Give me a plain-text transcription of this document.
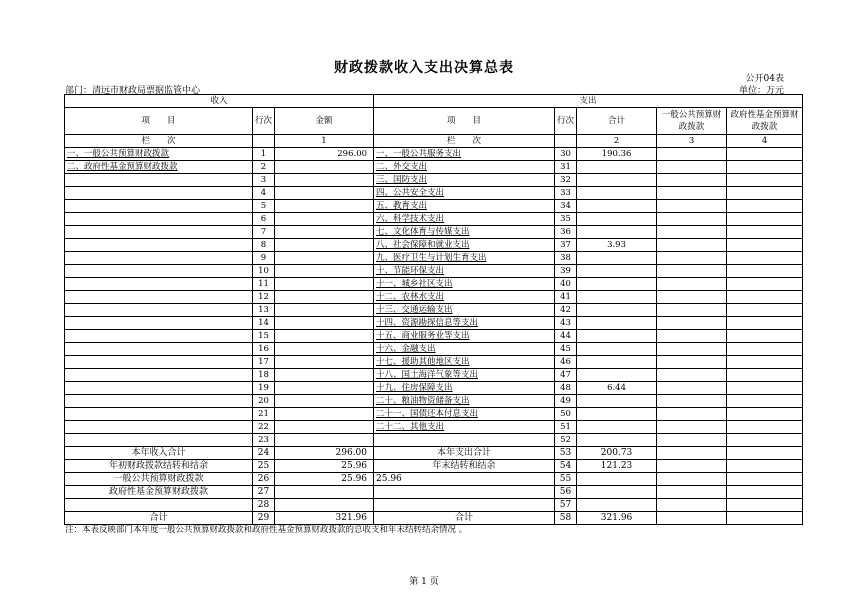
财政拨款收入支出决算总表
公开04表
部门：清远市财政局票据监管中心	单位：万元
收入			支出				
项　　目	行次	金额	项　　目	行次	合计	一般公共预算财政拨款	政府性基金预算财政拨款
栏　　次		1	栏　　次		2	3	4
一、一般公共预算财政拨款	1	296.00	一、一般公共服务支出	30	190.36		
二、政府性基金预算财政拨款	2		二、外交支出	31			
	3		三、国防支出	32			
	4		四、公共安全支出	33			
	5		五、教育支出	34			
	6		六、科学技术支出	35			
	7		七、文化体育与传媒支出	36			
	8		八、社会保障和就业支出	37	3.93		
	9		九、医疗卫生与计划生育支出	38			
	10		十、节能环保支出	39			
	11		十一、城乡社区支出	40			
	12		十二、农林水支出	41			
	13		十三、交通运输支出	42			
	14		十四、资源勘探信息等支出	43			
	15		十五、商业服务业等支出	44			
	16		十六、金融支出	45			
	17		十七、援助其他地区支出	46			
	18		十八、国土海洋气象等支出	47			
	19		十九、住房保障支出	48	6.44		
	20		二十、粮油物资储备支出	49			
	21		二十一、国债还本付息支出	50			
	22		二十二、其他支出	51			
	23			52			
本年收入合计	24	296.00	本年支出合计	53	200.73		
年初财政拨款结转和结余	25	25.96	年末结转和结余	54	121.23		
一般公共预算财政拨款	26	25.96	25.96	55			
政府性基金预算财政拨款	27			56			
	28			57			
合计	29	321.96	合计	58	321.96		
注：本表反映部门本年度一般公共预算财政拨款和政府性基金预算财政拨款的总收支和年末结转结余情况 。
第 1 页
